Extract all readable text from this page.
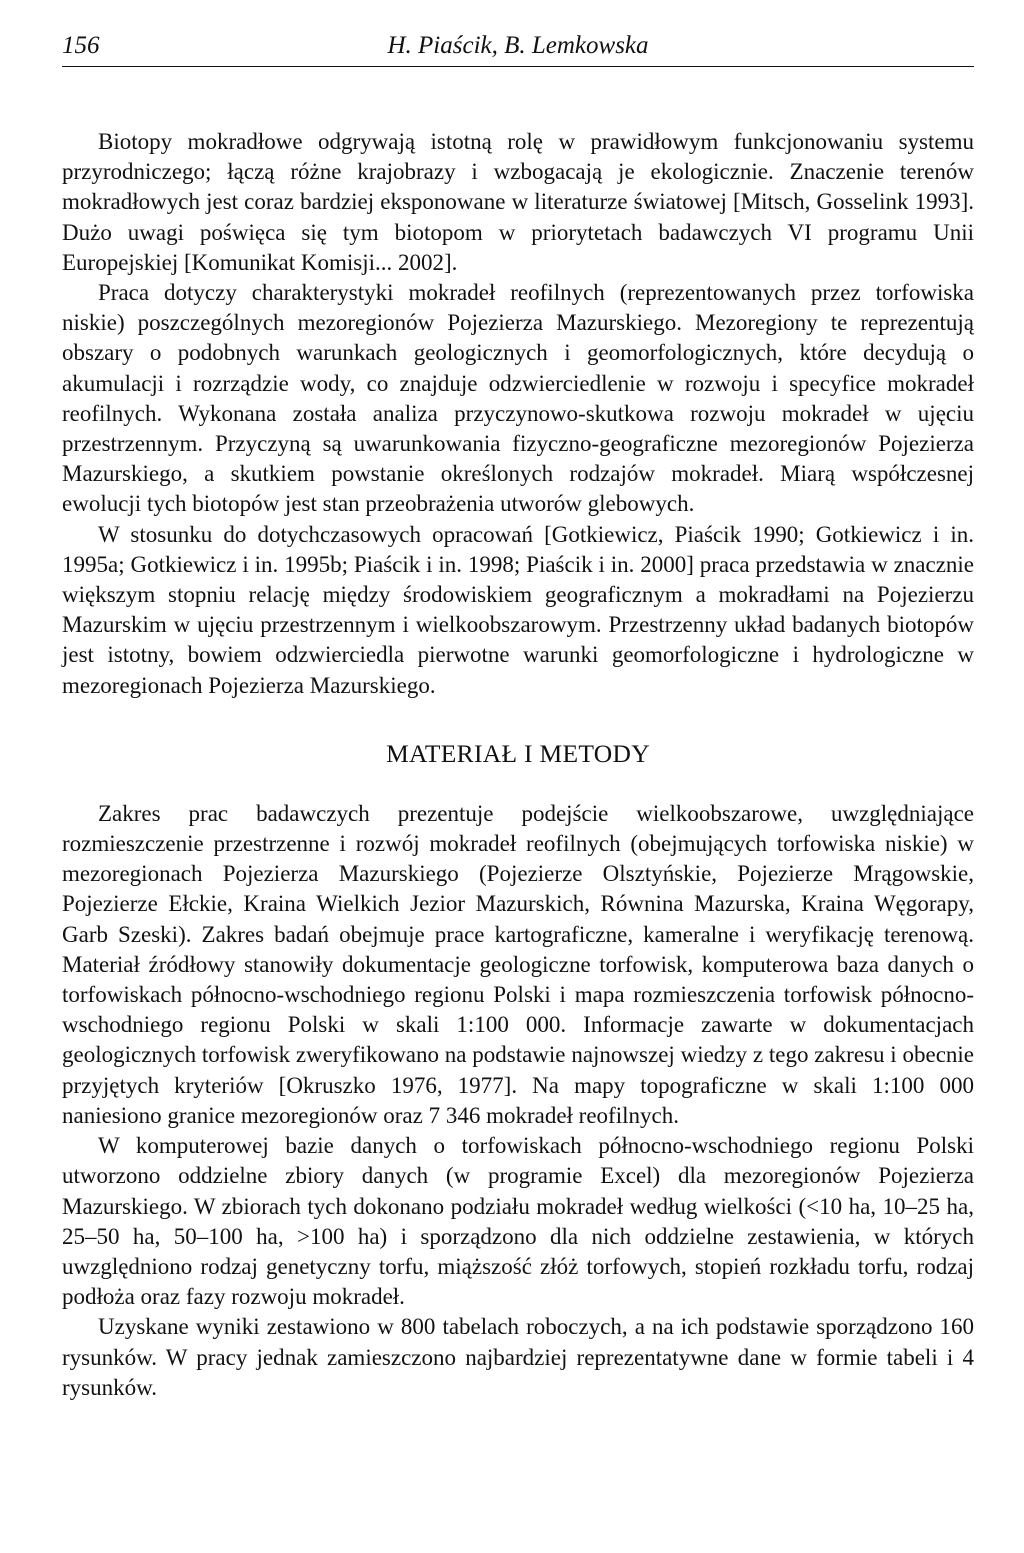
156	H. Piaścik, B. Lemkowska

Biotopy mokradłowe odgrywają istotną rolę w prawidłowym funkcjonowaniu systemu przyrodniczego; łączą różne krajobrazy i wzbogacają je ekologicznie. Znaczenie terenów mokradłowych jest coraz bardziej eksponowane w literaturze światowej [Mitsch, Gosselink 1993]. Dużo uwagi poświęca się tym biotopom w priorytetach badawczych VI programu Unii Europejskiej [Komunikat Komisji... 2002].

Praca dotyczy charakterystyki mokradeł reofilnych (reprezentowanych przez torfowiska niskie) poszczególnych mezoregionów Pojezierza Mazurskiego. Mezoregiony te reprezentują obszary o podobnych warunkach geologicznych i geomorfologicznych, które decydują o akumulacji i rozrządzie wody, co znajduje odzwierciedlenie w rozwoju i specyfice mokradeł reofilnych. Wykonana została analiza przyczynowo-skutkowa rozwoju mokradeł w ujęciu przestrzennym. Przyczyną są uwarunkowania fizyczno-geograficzne mezoregionów Pojezierza Mazurskiego, a skutkiem powstanie określonych rodzajów mokradeł. Miarą współczesnej ewolucji tych biotopów jest stan przeobrażenia utworów glebowych.

W stosunku do dotychczasowych opracowań [Gotkiewicz, Piaścik 1990; Gotkiewicz i in. 1995a; Gotkiewicz i in. 1995b; Piaścik i in. 1998; Piaścik i in. 2000] praca przedstawia w znacznie większym stopniu relację między środowiskiem geograficznym a mokradłami na Pojezierzu Mazurskim w ujęciu przestrzennym i wielkoobszarowym. Przestrzenny układ badanych biotopów jest istotny, bowiem odzwierciedla pierwotne warunki geomorfologiczne i hydrologiczne w mezoregionach Pojezierza Mazurskiego.

MATERIAŁ I METODY

Zakres prac badawczych prezentuje podejście wielkoobszarowe, uwzględniające rozmieszczenie przestrzenne i rozwój mokradeł reofilnych (obejmujących torfowiska niskie) w mezoregionach Pojezierza Mazurskiego (Pojezierze Olsztyńskie, Pojezierze Mrągowskie, Pojezierze Ełckie, Kraina Wielkich Jezior Mazurskich, Równina Mazurska, Kraina Węgorapy, Garb Szeski). Zakres badań obejmuje prace kartograficzne, kameralne i weryfikację terenową. Materiał źródłowy stanowiły dokumentacje geologiczne torfowisk, komputerowa baza danych o torfowiskach północno-wschodniego regionu Polski i mapa rozmieszczenia torfowisk północno-wschodniego regionu Polski w skali 1:100 000. Informacje zawarte w dokumentacjach geologicznych torfowisk zweryfikowano na podstawie najnowszej wiedzy z tego zakresu i obecnie przyjętych kryteriów [Okruszko 1976, 1977]. Na mapy topograficzne w skali 1:100 000 naniesiono granice mezoregionów oraz 7 346 mokradeł reofilnych.

W komputerowej bazie danych o torfowiskach północno-wschodniego regionu Polski utworzono oddzielne zbiory danych (w programie Excel) dla mezoregionów Pojezierza Mazurskiego. W zbiorach tych dokonano podziału mokradeł według wielkości (<10 ha, 10–25 ha, 25–50 ha, 50–100 ha, >100 ha) i sporządzono dla nich oddzielne zestawienia, w których uwzględniono rodzaj genetyczny torfu, miąższość złóż torfowych, stopień rozkładu torfu, rodzaj podłoża oraz fazy rozwoju mokradeł.

Uzyskane wyniki zestawiono w 800 tabelach roboczych, a na ich podstawie sporządzono 160 rysunków. W pracy jednak zamieszczono najbardziej reprezentatywne dane w formie tabeli i 4 rysunków.
